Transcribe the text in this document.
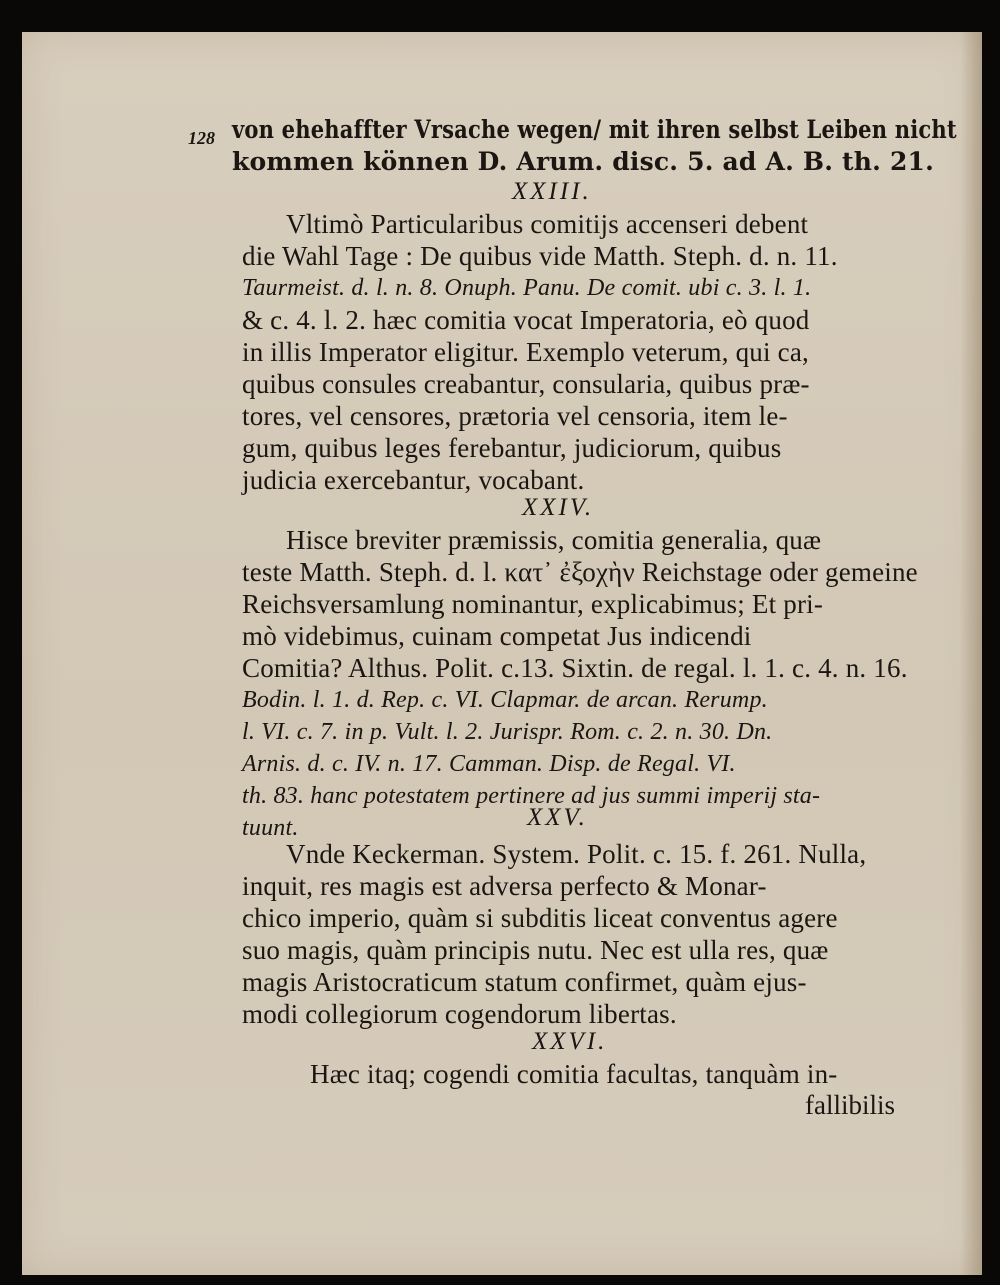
128 von ehehaffter Vrsache wegen/ mit ihren selbst Leiben nicht
kommen können D. Arum. disc. 5. ad A. B. th. 21.
XXIII.
Vltimò Particularibus comitijs accenseri debent
die Wahl Tage : De quibus vide Matth. Steph. d. n. 11.
Taurmeist. d. l. n. 8. Onuph. Panu. De comit. ubi c. 3. l. 1.
& c. 4. l. 2. hæc comitia vocat Imperatoria, eò quod
in illis Imperator eligitur. Exemplo veterum, qui ca,
quibus consules creabantur, consularia, quibus præ-
tores, vel censores, prætoria vel censoria, item le-
gum, quibus leges ferebantur, judiciorum, quibus
judicia exercebantur, vocabant.
XXIV.
Hisce breviter præmissis, comitia generalia, quæ
teste Matth. Steph. d. l. κατ᾽ ἐξοχὴν Reichstage oder gemeine
Reichsversamlung nominantur, explicabimus; Et pri-
mò videbimus, cuinam competat Jus indicendi
Comitia? Althus. Polit. c.13. Sixtin. de regal. l. 1. c. 4. n. 16.
Bodin. l. 1. d. Rep. c. VI. Clapmar. de arcan. Rerump.
l. VI. c. 7. in p. Vult. l. 2. Jurispr. Rom. c. 2. n. 30. Dn.
Arnis. d. c. IV. n. 17. Camman. Disp. de Regal. VI.
th. 83. hanc potestatem pertinere ad jus summi imperij sta-
tuunt.	XXV.
Vnde Keckerman. System. Polit. c. 15. f. 261. Nulla,
inquit, res magis est adversa perfecto & Monar-
chico imperio, quàm si subditis liceat conventus agere
suo magis, quàm principis nutu. Nec est ulla res, quæ
magis Aristocraticum statum confirmet, quàm ejus-
modi collegiorum cogendorum libertas.
XXVI.
Hæc itaq; cogendi comitia facultas, tanquàm in-
fallibilis
